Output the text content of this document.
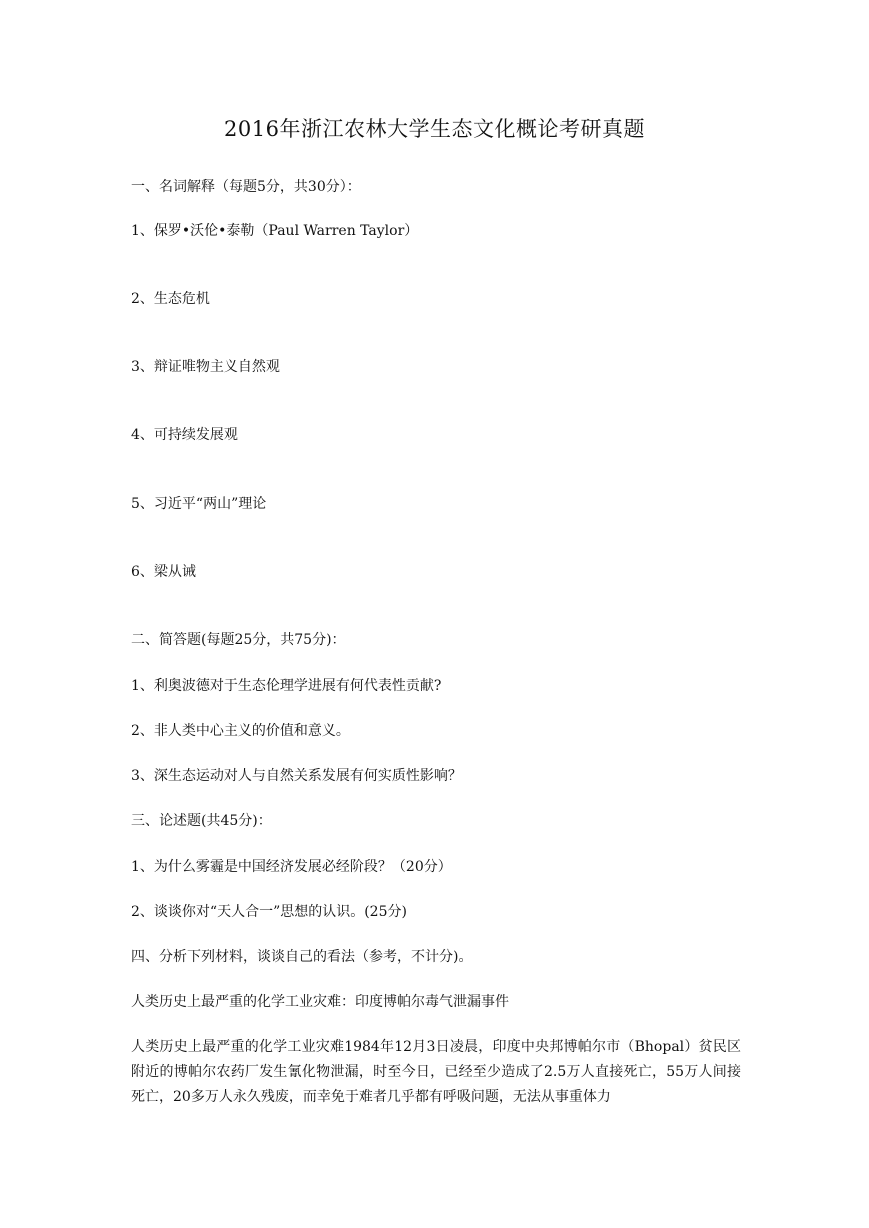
2016年浙江农林大学生态文化概论考研真题
一、名词解释（每题5分，共30分）：
1、保罗•沃伦•泰勒（Paul Warren Taylor）
2、生态危机
3、辩证唯物主义自然观
4、可持续发展观
5、习近平“两山”理论
6、梁从诫
二、简答题(每题25分，共75分)：
1、利奥波德对于生态伦理学进展有何代表性贡献?
2、非人类中心主义的价值和意义。
3、深生态运动对人与自然关系发展有何实质性影响？
三、论述题(共45分)：
1、为什么雾霾是中国经济发展必经阶段？（20分）
2、谈谈你对“天人合一”思想的认识。(25分)
四、分析下列材料，谈谈自己的看法（参考，不计分)。
人类历史上最严重的化学工业灾难：印度博帕尔毒气泄漏事件
人类历史上最严重的化学工业灾难1984年12月3日凌晨，印度中央邦博帕尔市（Bhopal）贫民区附近的博帕尔农药厂发生氰化物泄漏，时至今日，已经至少造成了2.5万人直接死亡，55万人间接死亡，20多万人永久残废，而幸免于难者几乎都有呼吸问题，无法从事重体力
